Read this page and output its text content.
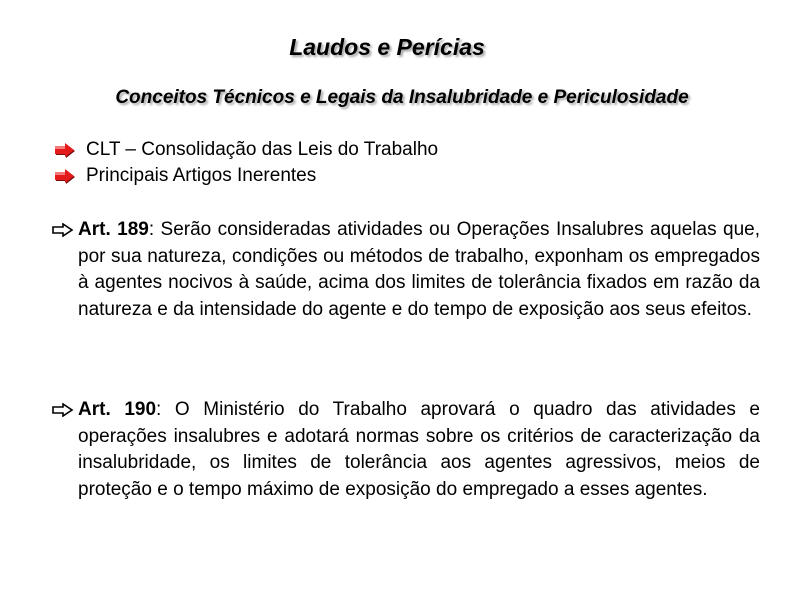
Laudos e Perícias
Conceitos Técnicos e Legais da Insalubridade e Periculosidade
CLT – Consolidação das Leis do Trabalho
Principais Artigos Inerentes

Art. 189: Serão consideradas atividades ou Operações Insalubres aquelas que, por sua natureza, condições ou métodos de trabalho, exponham os empregados à agentes nocivos à saúde, acima dos limites de tolerância fixados em razão da natureza e da intensidade do agente e do tempo de exposição aos seus efeitos.

Art. 190: O Ministério do Trabalho aprovará o quadro das atividades e operações insalubres e adotará normas sobre os critérios de caracterização da insalubridade, os limites de tolerância aos agentes agressivos, meios de proteção e o tempo máximo de exposição do empregado a esses agentes.
